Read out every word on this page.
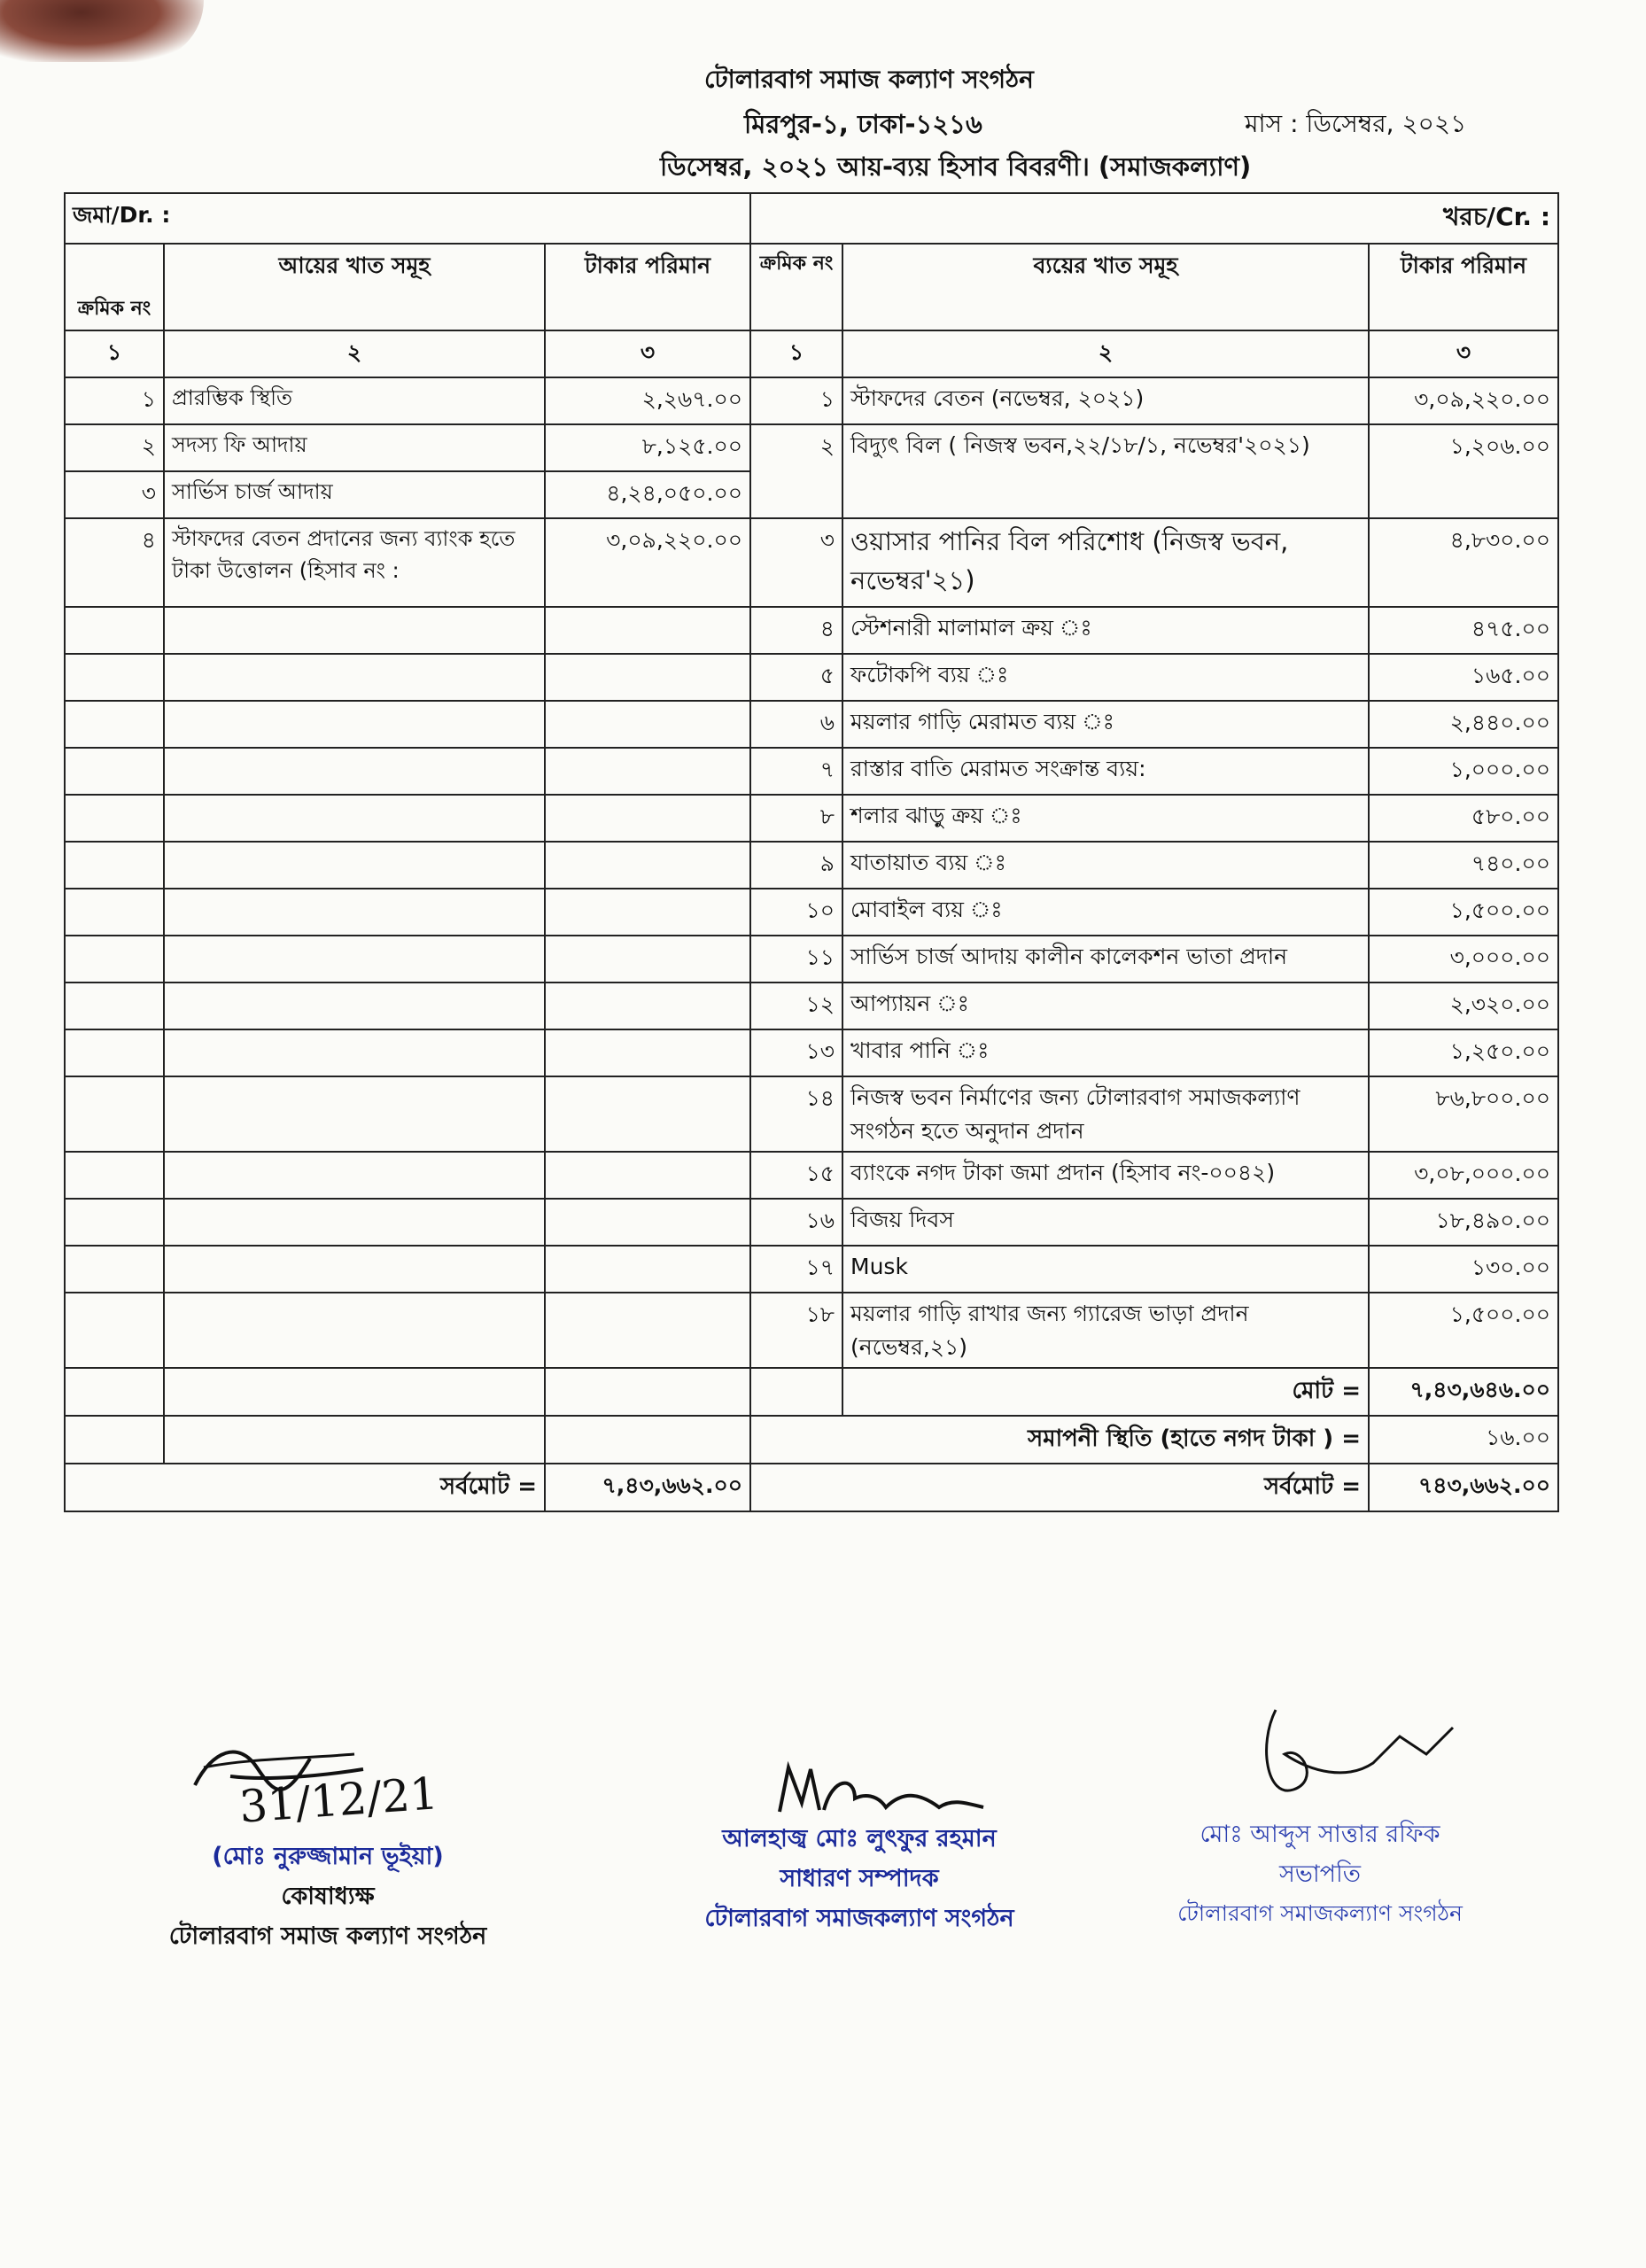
টোলারবাগ সমাজ কল্যাণ সংগঠন
মিরপুর-১, ঢাকা-১২১৬	মাস : ডিসেম্বর, ২০২১
ডিসেম্বর, ২০২১ আয়-ব্যয় হিসাব বিবরণী। (সমাজকল্যাণ)
জমা/Dr. :			খরচ/Cr. :		
ক্রমিক নং	আয়ের খাত সমূহ	টাকার পরিমান	ক্রমিক নং	ব্যয়ের খাত সমূহ	টাকার পরিমান
১	২	৩	১	২	৩
১	প্রারম্ভিক স্থিতি	২,২৬৭.০০	১	স্টাফদের বেতন (নভেম্বর, ২০২১)	৩,০৯,২২০.০০
২	সদস্য ফি আদায়	৮,১২৫.০০	২	বিদ্যুৎ বিল ( নিজস্ব ভবন,২২/১৮/১, নভেম্বর'২০২১)	১,২০৬.০০
৩	সার্ভিস চার্জ আদায়	৪,২৪,০৫০.০০			
৪	স্টাফদের বেতন প্রদানের জন্য ব্যাংক হতে টাকা উত্তোলন (হিসাব নং :	৩,০৯,২২০.০০	৩	ওয়াসার পানির বিল পরিশোধ (নিজস্ব ভবন, নভেম্বর'২১)	৪,৮৩০.০০
			৪	স্টেশনারী মালামাল ক্রয় ঃ	৪৭৫.০০
			৫	ফটোকপি ব্যয় ঃ	১৬৫.০০
			৬	ময়লার গাড়ি মেরামত ব্যয় ঃ	২,৪৪০.০০
			৭	রাস্তার বাতি মেরামত সংক্রান্ত ব্যয়:	১,০০০.০০
			৮	শলার ঝাড়ু ক্রয় ঃ	৫৮০.০০
			৯	যাতায়াত ব্যয় ঃ	৭৪০.০০
			১০	মোবাইল ব্যয় ঃ	১,৫০০.০০
			১১	সার্ভিস চার্জ আদায় কালীন কালেকশন ভাতা প্রদান	৩,০০০.০০
			১২	আপ্যায়ন ঃ	২,৩২০.০০
			১৩	খাবার পানি ঃ	১,২৫০.০০
			১৪	নিজস্ব ভবন নির্মাণের জন্য টোলারবাগ সমাজকল্যাণ সংগঠন হতে অনুদান প্রদান	৮৬,৮০০.০০
			১৫	ব্যাংকে নগদ টাকা জমা প্রদান (হিসাব নং-০০৪২)	৩,০৮,০০০.০০
			১৬	বিজয় দিবস	১৮,৪৯০.০০
			১৭	Musk	১৩০.০০
			১৮	ময়লার গাড়ি রাখার জন্য গ্যারেজ ভাড়া প্রদান (নভেম্বর,২১)	১,৫০০.০০
				মোট =	৭,৪৩,৬৪৬.০০
			সমাপনী স্থিতি (হাতে নগদ টাকা ) =		১৬.০০
সর্বমোট =		৭,৪৩,৬৬২.০০	সর্বমোট =		৭৪৩,৬৬২.০০
31/12/21
(মোঃ নুরুজ্জামান ভূইয়া)
কোষাধ্যক্ষ
টোলারবাগ সমাজ কল্যাণ সংগঠন
আলহাজ্ব মোঃ লুৎফুর রহমান
সাধারণ সম্পাদক
টোলারবাগ সমাজকল্যাণ সংগঠন
মোঃ আব্দুস সাত্তার রফিক
সভাপতি
টোলারবাগ সমাজকল্যাণ সংগঠন
